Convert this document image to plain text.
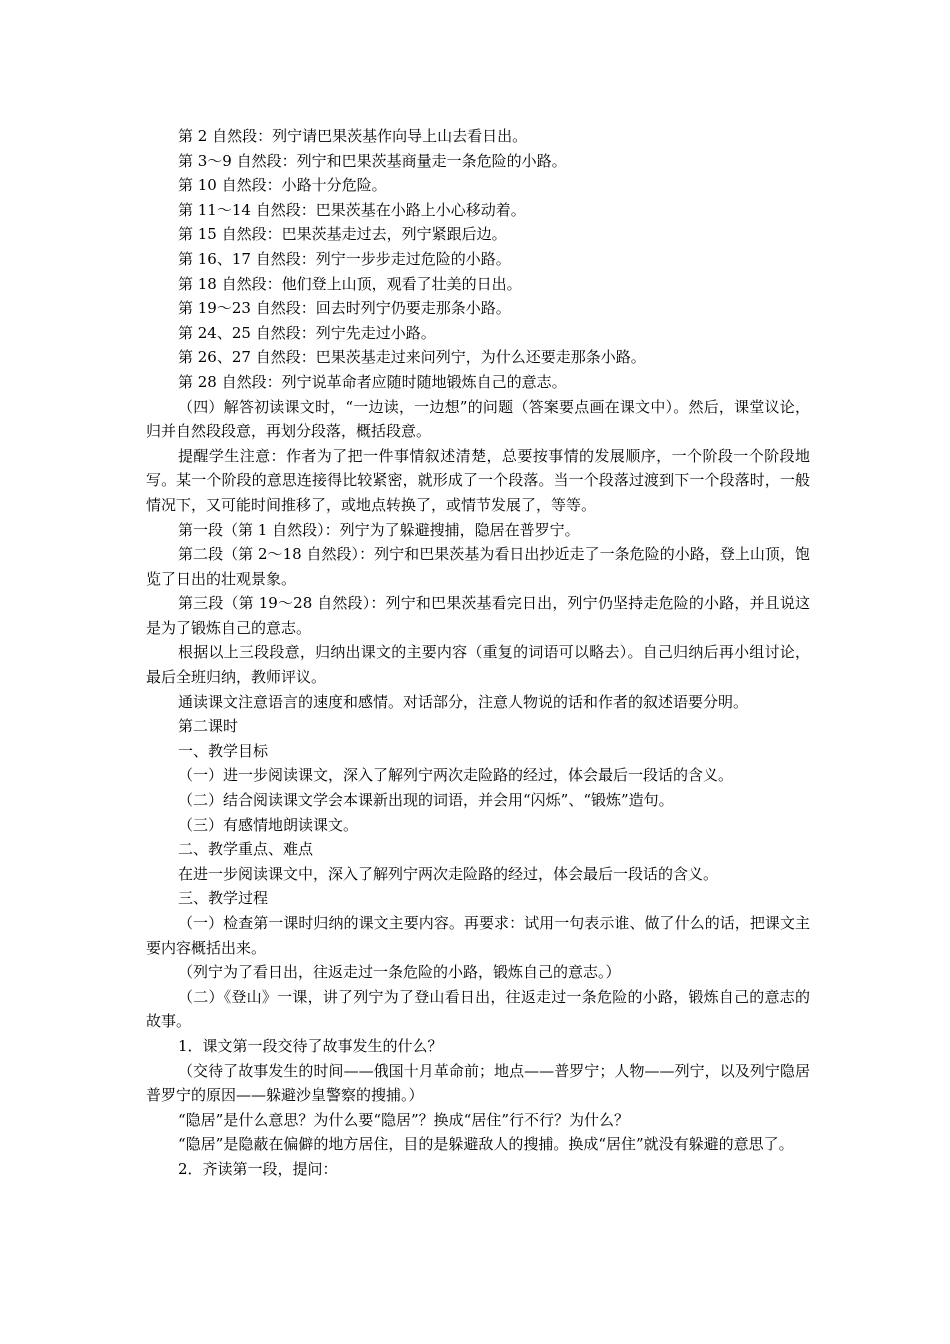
第 2 自然段：列宁请巴果茨基作向导上山去看日出。

第 3～9 自然段：列宁和巴果茨基商量走一条危险的小路。

第 10 自然段：小路十分危险。

第 11～14 自然段：巴果茨基在小路上小心移动着。

第 15 自然段：巴果茨基走过去，列宁紧跟后边。

第 16、17 自然段：列宁一步步走过危险的小路。

第 18 自然段：他们登上山顶，观看了壮美的日出。

第 19～23 自然段：回去时列宁仍要走那条小路。

第 24、25 自然段：列宁先走过小路。

第 26、27 自然段：巴果茨基走过来问列宁，为什么还要走那条小路。

第 28 自然段：列宁说革命者应随时随地锻炼自己的意志。

（四）解答初读课文时，“一边读，一边想”的问题（答案要点画在课文中）。然后，课堂议论，归并自然段段意，再划分段落，概括段意。

提醒学生注意：作者为了把一件事情叙述清楚，总要按事情的发展顺序，一个阶段一个阶段地写。某一个阶段的意思连接得比较紧密，就形成了一个段落。当一个段落过渡到下一个段落时，一般情况下，又可能时间推移了，或地点转换了，或情节发展了，等等。

第一段（第 1 自然段）：列宁为了躲避搜捕，隐居在普罗宁。

第二段（第 2～18 自然段）：列宁和巴果茨基为看日出抄近走了一条危险的小路，登上山顶，饱览了日出的壮观景象。

第三段（第 19～28 自然段）：列宁和巴果茨基看完日出，列宁仍坚持走危险的小路，并且说这是为了锻炼自己的意志。

根据以上三段段意，归纳出课文的主要内容（重复的词语可以略去）。自己归纳后再小组讨论，最后全班归纳，教师评议。

通读课文注意语言的速度和感情。对话部分，注意人物说的话和作者的叙述语要分明。

第二课时

一、教学目标

（一）进一步阅读课文，深入了解列宁两次走险路的经过，体会最后一段话的含义。

（二）结合阅读课文学会本课新出现的词语，并会用“闪烁”、“锻炼”造句。

（三）有感情地朗读课文。

二、教学重点、难点

在进一步阅读课文中，深入了解列宁两次走险路的经过，体会最后一段话的含义。

三、教学过程

（一）检查第一课时归纳的课文主要内容。再要求：试用一句表示谁、做了什么的话，把课文主要内容概括出来。

（列宁为了看日出，往返走过一条危险的小路，锻炼自己的意志。）

（二）《登山》一课，讲了列宁为了登山看日出，往返走过一条危险的小路，锻炼自己的意志的故事。

1．课文第一段交待了故事发生的什么？

（交待了故事发生的时间——俄国十月革命前；地点——普罗宁；人物——列宁，以及列宁隐居普罗宁的原因——躲避沙皇警察的搜捕。）

“隐居”是什么意思？为什么要“隐居”？换成“居住”行不行？为什么？

“隐居”是隐蔽在偏僻的地方居住，目的是躲避敌人的搜捕。换成“居住”就没有躲避的意思了。

2．齐读第一段，提问：
